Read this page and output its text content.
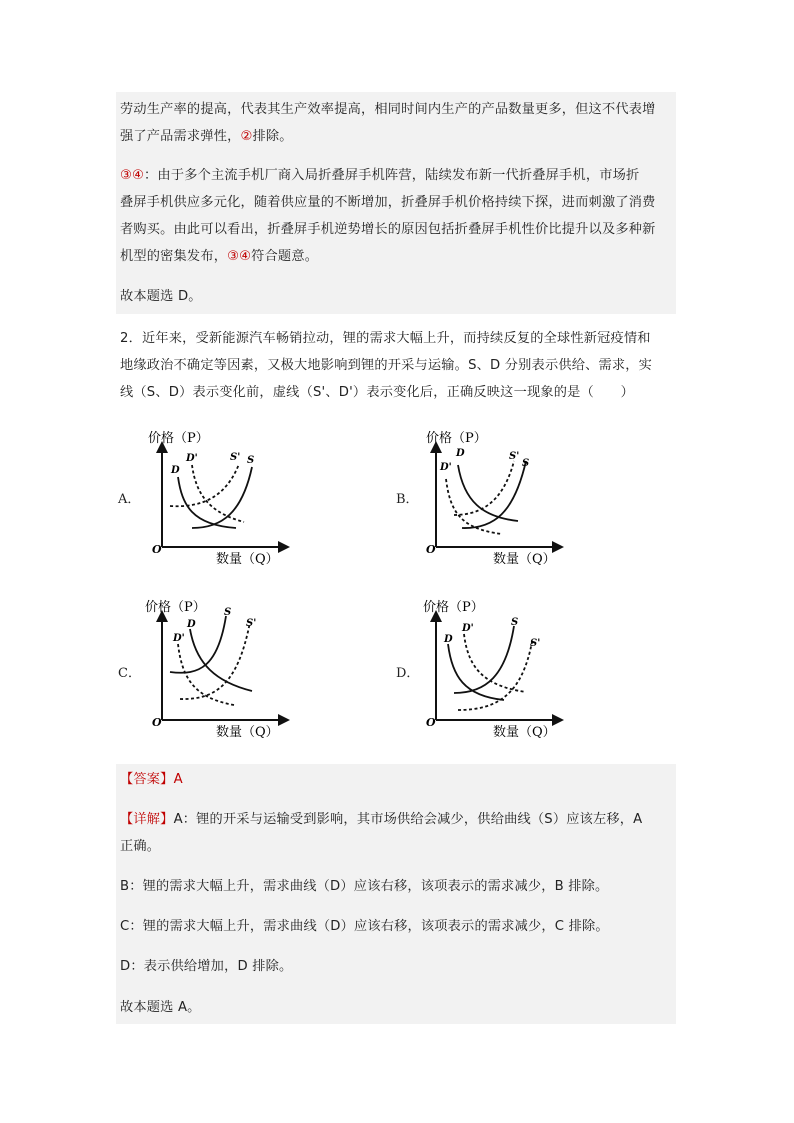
劳动生产率的提高，代表其生产效率提高，相同时间内生产的产品数量更多，但这不代表增
强了产品需求弹性，②排除。
③④：由于多个主流手机厂商入局折叠屏手机阵营，陆续发布新一代折叠屏手机，市场折
叠屏手机供应多元化，随着供应量的不断增加，折叠屏手机价格持续下探，进而刺激了消费
者购买。由此可以看出，折叠屏手机逆势增长的原因包括折叠屏手机性价比提升以及多种新
机型的密集发布，③④符合题意。
故本题选 D。
2．近年来，受新能源汽车畅销拉动，锂的需求大幅上升，而持续反复的全球性新冠疫情和
地缘政治不确定等因素，又极大地影响到锂的开采与运输。S、D 分别表示供给、需求，实
线（S、D）表示变化前，虚线（S'、D'）表示变化后，正确反映这一现象的是（　　）
A．	B．
C．	D．
价格（P）
O
数量（Q）
D
D'	S' S
价格（P）
O
数量（Q）
D
D'
S'
S
价格（P）
O
数量（Q）
D
D'
S
S'
价格（P）
O
数量（Q）
D
D'
S
S'
【答案】A
【详解】A：锂的开采与运输受到影响，其市场供给会减少，供给曲线（S）应该左移，A
正确。
B：锂的需求大幅上升，需求曲线（D）应该右移，该项表示的需求减少，B 排除。
C：锂的需求大幅上升，需求曲线（D）应该右移，该项表示的需求减少，C 排除。
D：表示供给增加，D 排除。
故本题选 A。
